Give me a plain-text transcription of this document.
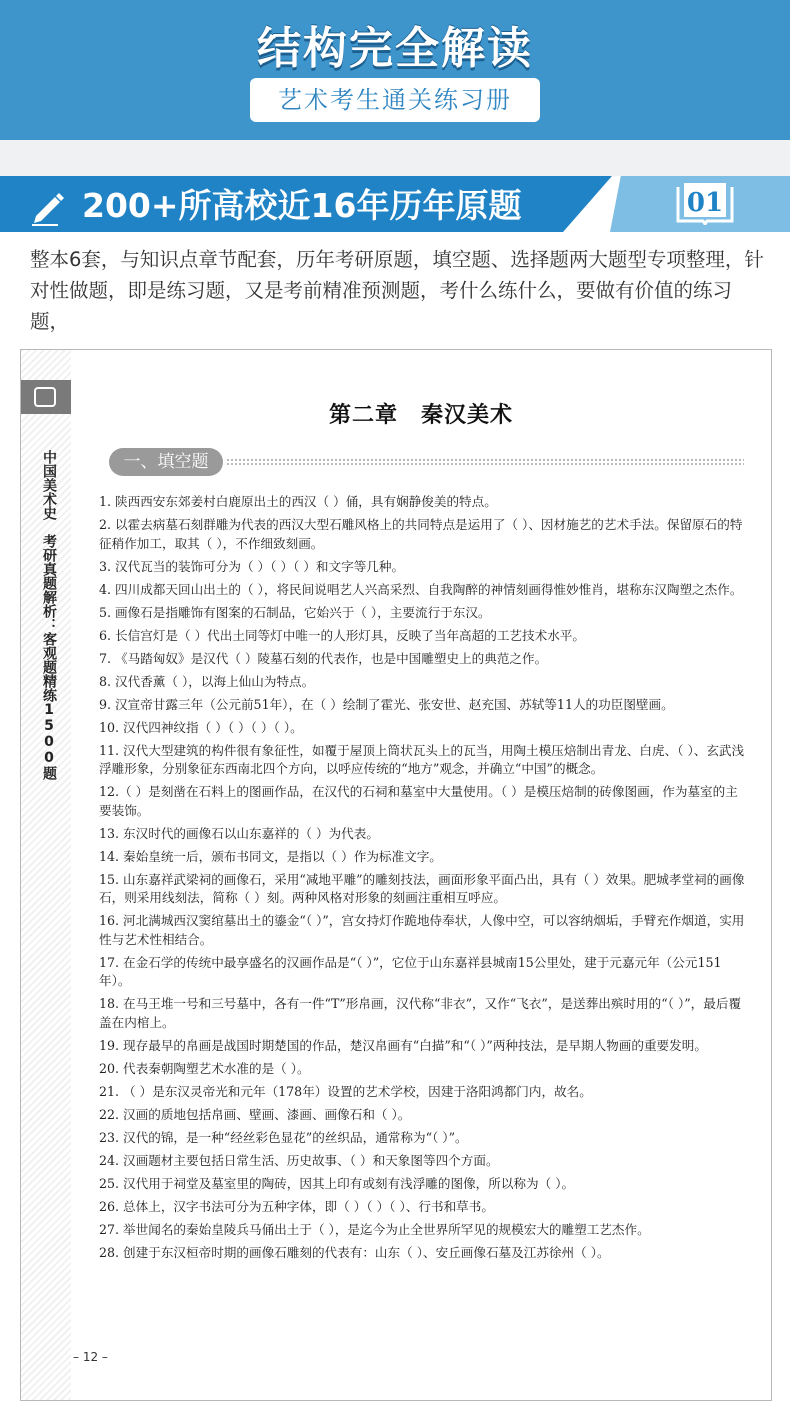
结构完全解读
艺术考生通关练习册
200+所高校近16年历年原题	01
整本6套，与知识点章节配套，历年考研原题，填空题、选择题两大题型专项整理，针对性做题，即是练习题，又是考前精准预测题，考什么练什么，要做有价值的练习题，
中国美术史　考研真题解析：客观题精练1500题
第二章　秦汉美术
一、填空题
1. 陕西西安东郊姜村白鹿原出土的西汉（ ）俑，具有娴静俊美的特点。
2. 以霍去病墓石刻群雕为代表的西汉大型石雕风格上的共同特点是运用了（ ）、因材施艺的艺术手法。保留原石的特征稍作加工，取其（ ），不作细致刻画。
3. 汉代瓦当的装饰可分为（ ）（ ）（ ）和文字等几种。
4. 四川成都天回山出土的（ ），将民间说唱艺人兴高采烈、自我陶醉的神情刻画得惟妙惟肖，堪称东汉陶塑之杰作。
5. 画像石是指雕饰有图案的石制品，它始兴于（ ），主要流行于东汉。
6. 长信宫灯是（ ）代出土同等灯中唯一的人形灯具，反映了当年高超的工艺技术水平。
7. 《马踏匈奴》是汉代（ ）陵墓石刻的代表作，也是中国雕塑史上的典范之作。
8. 汉代香薰（ ），以海上仙山为特点。
9. 汉宣帝甘露三年（公元前51年），在（ ）绘制了霍光、张安世、赵充国、苏轼等11人的功臣图壁画。
10. 汉代四神纹指（ ）（ ）（ ）（ ）。
11. 汉代大型建筑的构件很有象征性，如覆于屋顶上筒状瓦头上的瓦当，用陶土模压焙制出青龙、白虎、（ ）、玄武浅浮雕形象，分别象征东西南北四个方向，以呼应传统的“地方”观念，并确立“中国”的概念。
12.（ ）是刻凿在石料上的图画作品，在汉代的石祠和墓室中大量使用。（ ）是模压焙制的砖像图画，作为墓室的主要装饰。
13. 东汉时代的画像石以山东嘉祥的（ ）为代表。
14. 秦始皇统一后，颁布书同文，是指以（ ）作为标准文字。
15. 山东嘉祥武梁祠的画像石，采用“减地平雕”的雕刻技法，画面形象平面凸出，具有（ ）效果。肥城孝堂祠的画像石，则采用线刻法，简称（ ）刻。两种风格对形象的刻画注重相互呼应。
16. 河北满城西汉窦绾墓出土的鎏金“（ ）”，宫女持灯作跪地侍奉状，人像中空，可以容纳烟垢，手臂充作烟道，实用性与艺术性相结合。
17. 在金石学的传统中最享盛名的汉画作品是“（ ）”，它位于山东嘉祥县城南15公里处，建于元嘉元年（公元151年）。
18. 在马王堆一号和三号墓中，各有一件“T”形帛画，汉代称“非衣”，又作“飞衣”，是送葬出殡时用的“（ ）”，最后覆盖在内棺上。
19. 现存最早的帛画是战国时期楚国的作品，楚汉帛画有“白描”和“（ ）”两种技法，是早期人物画的重要发明。
20. 代表秦朝陶塑艺术水准的是（ ）。
21. （ ）是东汉灵帝光和元年（178年）设置的艺术学校，因建于洛阳鸿都门内，故名。
22. 汉画的质地包括帛画、壁画、漆画、画像石和（ ）。
23. 汉代的锦，是一种“经丝彩色显花”的丝织品，通常称为“（ ）”。
24. 汉画题材主要包括日常生活、历史故事、（ ）和天象图等四个方面。
25. 汉代用于祠堂及墓室里的陶砖，因其上印有或刻有浅浮雕的图像，所以称为（ ）。
26. 总体上，汉字书法可分为五种字体，即（ ）（ ）（ ）、行书和草书。
27. 举世闻名的秦始皇陵兵马俑出土于（ ），是迄今为止全世界所罕见的规模宏大的雕塑工艺杰作。
28. 创建于东汉桓帝时期的画像石雕刻的代表有：山东（ ）、安丘画像石墓及江苏徐州（ ）。
– 12 –
